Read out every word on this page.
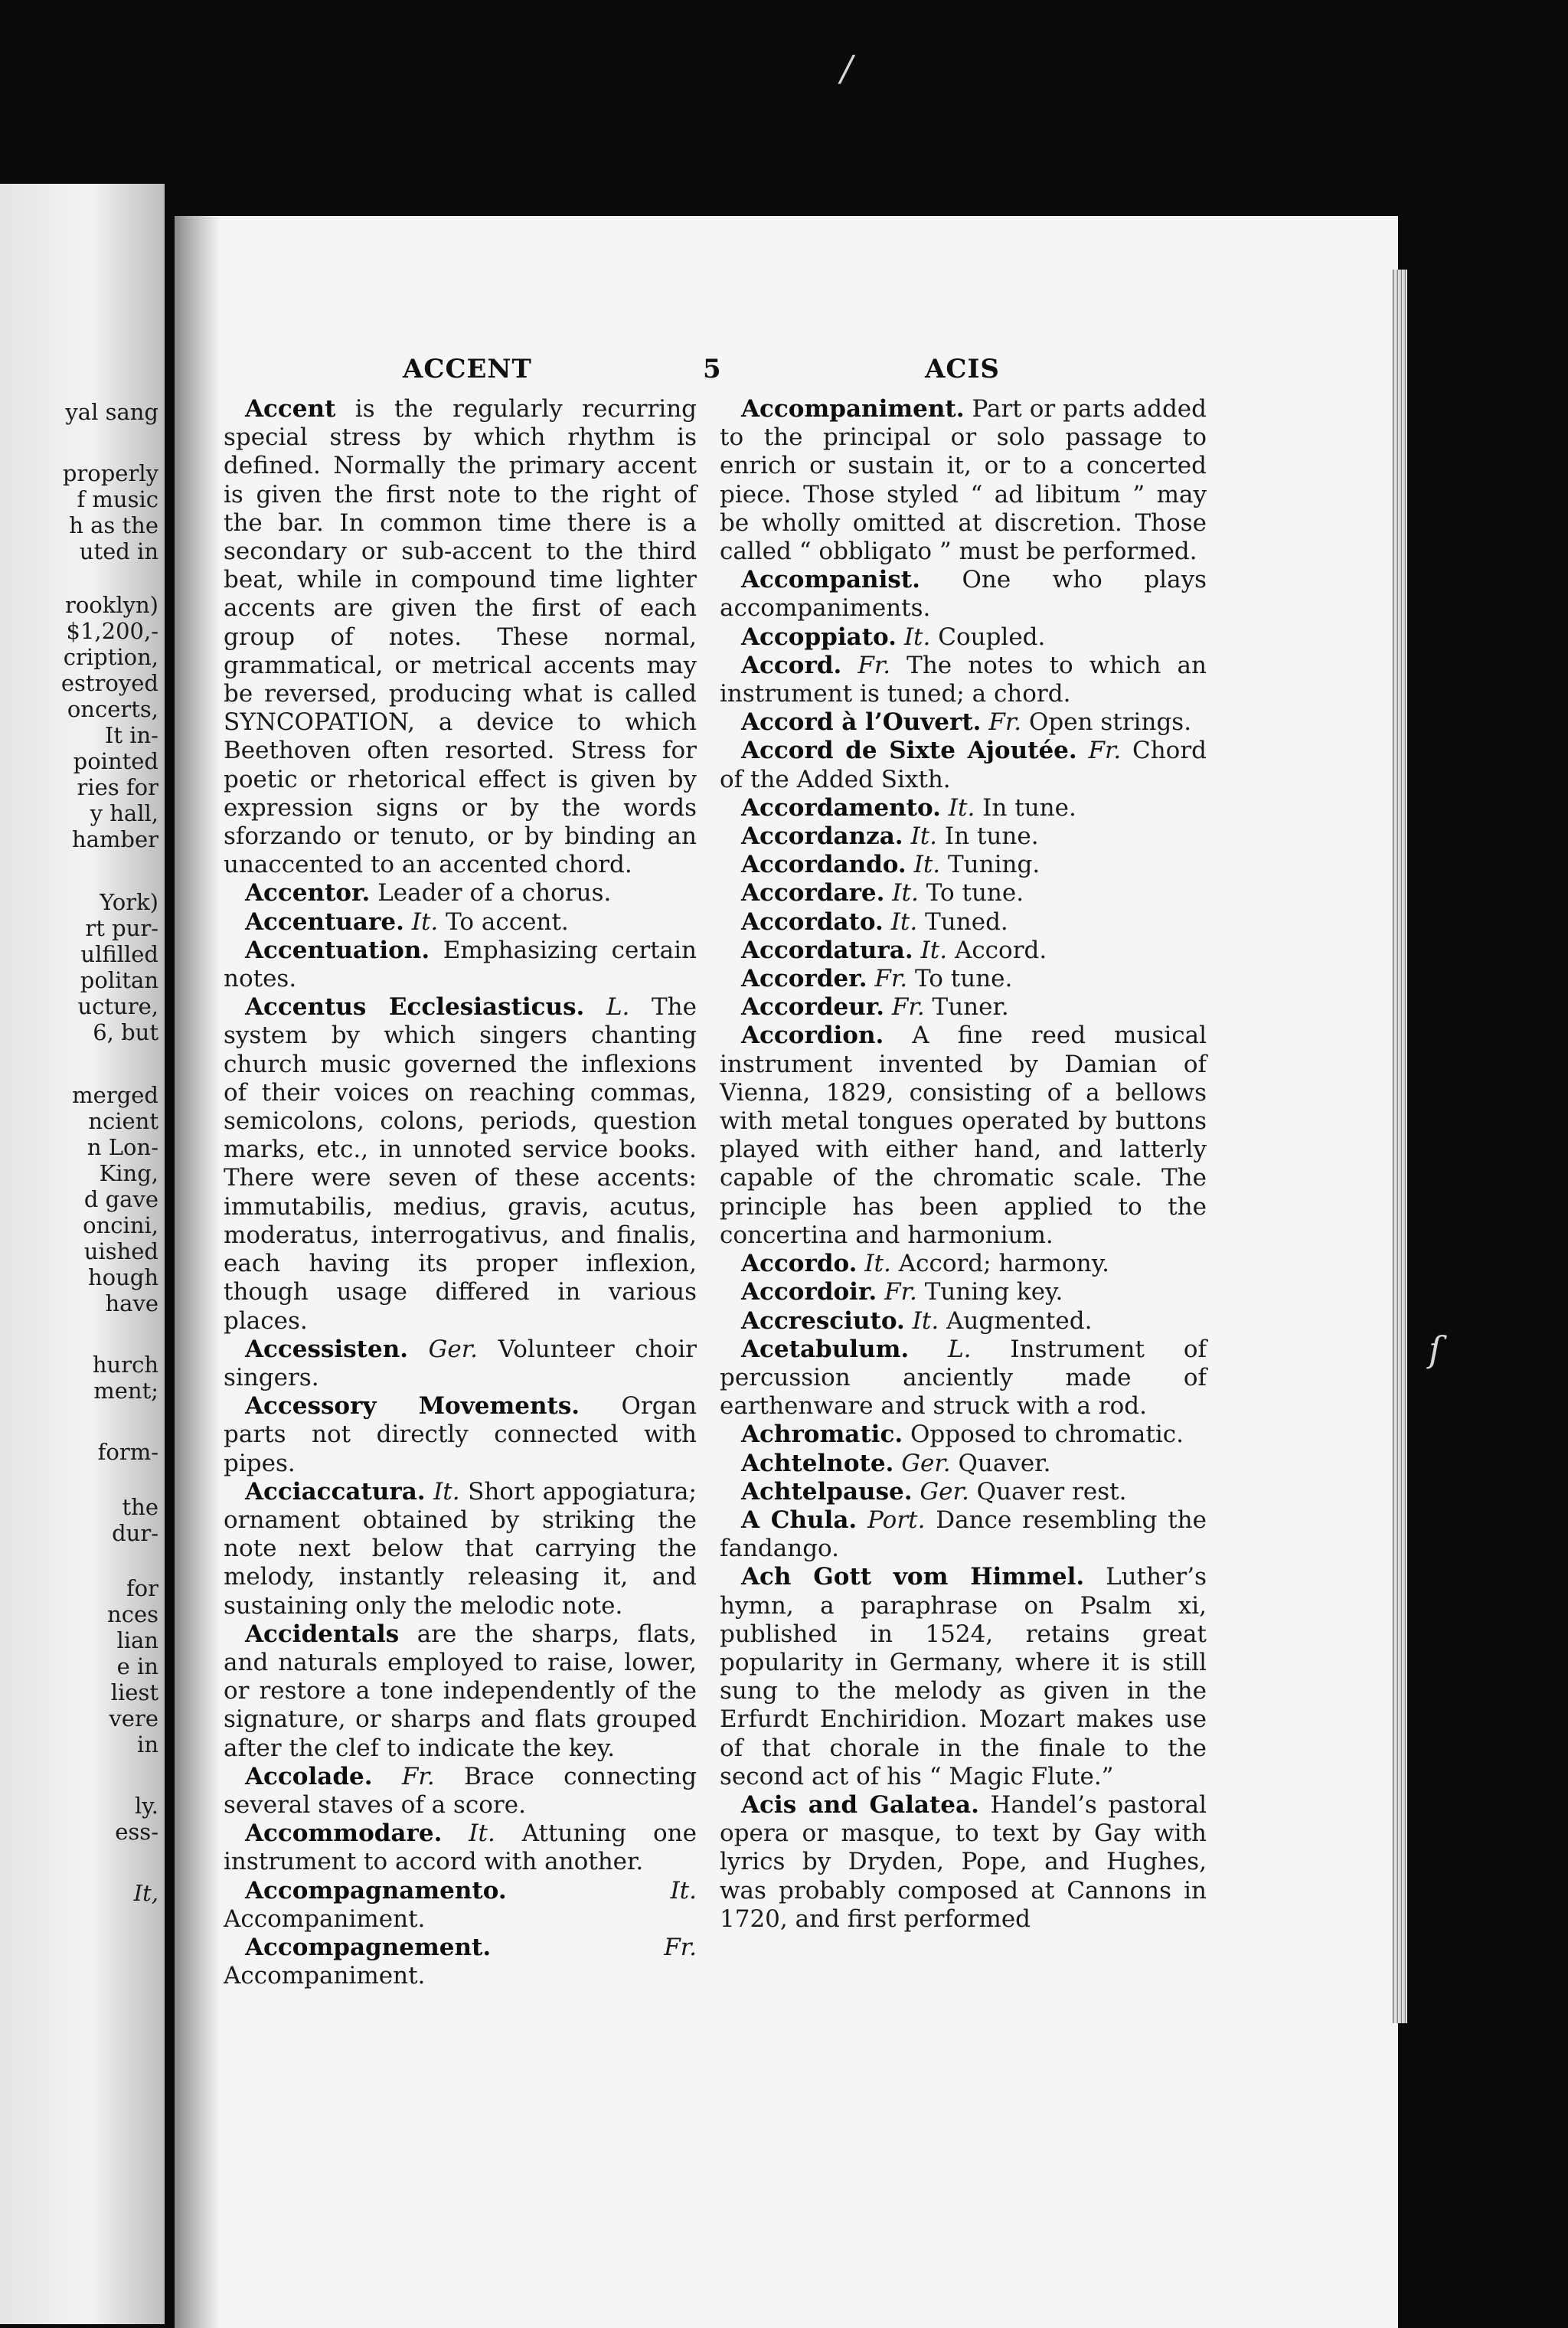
yal sang
properly
f music
h as the
uted in
rooklyn)
$1,200,-
cription,
estroyed
oncerts,
It in-
pointed
ries for
y hall,
hamber
York)
rt pur-
ulfilled
politan
ucture,
6, but
merged
ncient
n Lon-
King,
d gave
oncini,
uished
hough
have
hurch
ment;
form-
the
dur-
for
nces
lian
e in
liest
vere
in
ly.
ess-
It,
/
ſ
ACCENT	5	ACIS

Accent is the regularly recurring special stress by which rhythm is defined. Normally the primary accent is given the first note to the right of the bar. In common time there is a secondary or sub-accent to the third beat, while in compound time lighter accents are given the first of each group of notes. These normal, grammatical, or metrical accents may be reversed, producing what is called SYNCOPATION, a device to which Beethoven often resorted. Stress for poetic or rhetorical effect is given by expression signs or by the words sforzando or tenuto, or by binding an unaccented to an accented chord.

Accentor. Leader of a chorus.

Accentuare. It. To accent.

Accentuation. Emphasizing certain notes.

Accentus Ecclesiasticus. L. The system by which singers chanting church music governed the inflexions of their voices on reaching commas, semicolons, colons, periods, question marks, etc., in unnoted service books. There were seven of these accents: immutabilis, medius, gravis, acutus, moderatus, interrogativus, and finalis, each having its proper inflexion, though usage differed in various places.

Accessisten. Ger. Volunteer choir singers.

Accessory Movements. Organ parts not directly connected with pipes.

Acciaccatura. It. Short appogiatura; ornament obtained by striking the note next below that carrying the melody, instantly releasing it, and sustaining only the melodic note.

Accidentals are the sharps, flats, and naturals employed to raise, lower, or restore a tone independently of the signature, or sharps and flats grouped after the clef to indicate the key.

Accolade. Fr. Brace connecting several staves of a score.

Accommodare. It. Attuning one instrument to accord with another.

Accompagnamento.	It. Accompaniment.

Accompagnement.	Fr. Accompaniment.

Accompaniment. Part or parts added to the principal or solo passage to enrich or sustain it, or to a concerted piece. Those styled “ ad libitum ” may be wholly omitted at discretion. Those called “ obbligato ” must be performed.

Accompanist. One who plays accompaniments.

Accoppiato. It. Coupled.

Accord. Fr. The notes to which an instrument is tuned; a chord.

Accord à l’Ouvert. Fr. Open strings.

Accord de Sixte Ajoutée. Fr. Chord of the Added Sixth.

Accordamento. It. In tune.

Accordanza. It. In tune.

Accordando. It. Tuning.

Accordare. It. To tune.

Accordato. It. Tuned.

Accordatura. It. Accord.

Accorder. Fr. To tune.

Accordeur. Fr. Tuner.

Accordion. A fine reed musical instrument invented by Damian of Vienna, 1829, consisting of a bellows with metal tongues operated by buttons played with either hand, and latterly capable of the chromatic scale. The principle has been applied to the concertina and harmonium.

Accordo. It. Accord; harmony.

Accordoir. Fr. Tuning key.

Accresciuto. It. Augmented.

Acetabulum. L. Instrument of percussion anciently made of earthenware and struck with a rod.

Achromatic. Opposed to chromatic.

Achtelnote. Ger. Quaver.

Achtelpause. Ger. Quaver rest.

A Chula. Port. Dance resembling the fandango.

Ach Gott vom Himmel. Luther’s hymn, a paraphrase on Psalm xi, published in 1524, retains great popularity in Germany, where it is still sung to the melody as given in the Erfurdt Enchiridion. Mozart makes use of that chorale in the finale to the second act of his “ Magic Flute.”

Acis and Galatea. Handel’s pastoral opera or masque, to text by Gay with lyrics by Dryden, Pope, and Hughes, was probably composed at Cannons in 1720, and first performed
